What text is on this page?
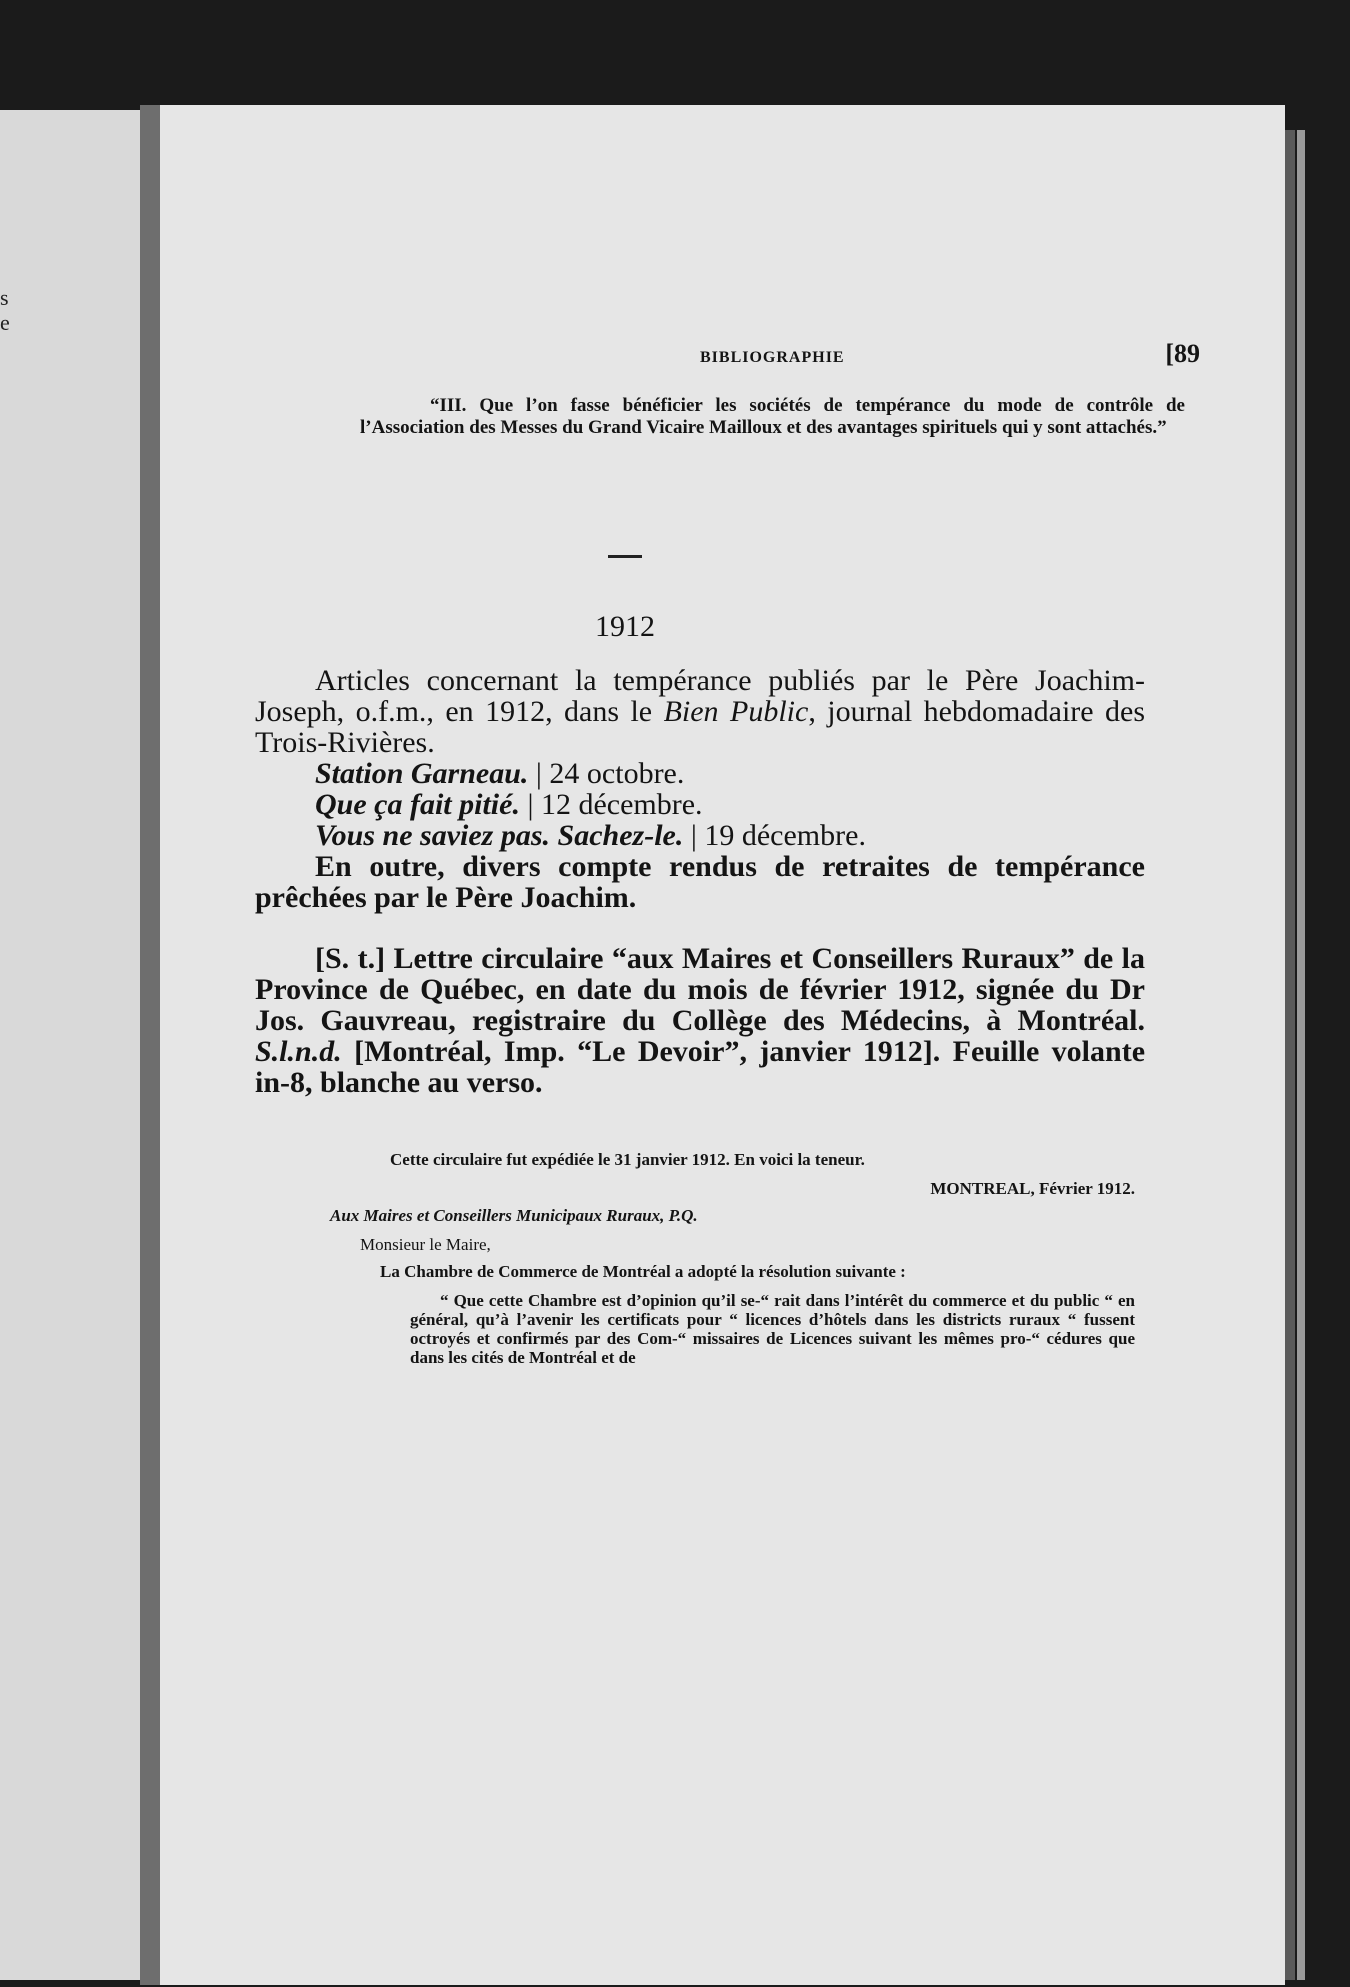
s
e
BIBLIOGRAPHIE	[89

“III. Que l’on fasse bénéficier les sociétés de tempérance du mode de contrôle de l’Association des Messes du Grand Vicaire Mailloux et des avantages spirituels qui y sont attachés.”

1912

Articles concernant la tempérance publiés par le Père Joachim-Joseph, o.f.m., en 1912, dans le Bien Public, journal hebdomadaire des Trois-Rivières.

Station Garneau. | 24 octobre.

Que ça fait pitié. | 12 décembre.

Vous ne saviez pas. Sachez-le. | 19 décembre.

En outre, divers compte rendus de retraites de tempérance prêchées par le Père Joachim.

[S. t.] Lettre circulaire “aux Maires et Conseillers Ruraux” de la Province de Québec, en date du mois de février 1912, signée du Dr Jos. Gauvreau, registraire du Collège des Médecins, à Montréal. S.l.n.d. [Montréal, Imp. “Le Devoir”, janvier 1912]. Feuille volante in-8, blanche au verso.

Cette circulaire fut expédiée le 31 janvier 1912. En voici la teneur.

MONTREAL, Février 1912.

Aux Maires et Conseillers Municipaux Ruraux, P.Q.

Monsieur le Maire,

La Chambre de Commerce de Montréal a adopté la résolution suivante :

“ Que cette Chambre est d’opinion qu’il se-“ rait dans l’intérêt du commerce et du public “ en général, qu’à l’avenir les certificats pour “ licences d’hôtels dans les districts ruraux “ fussent octroyés et confirmés par des Com-“ missaires de Licences suivant les mêmes pro-“ cédures que dans les cités de Montréal et de
